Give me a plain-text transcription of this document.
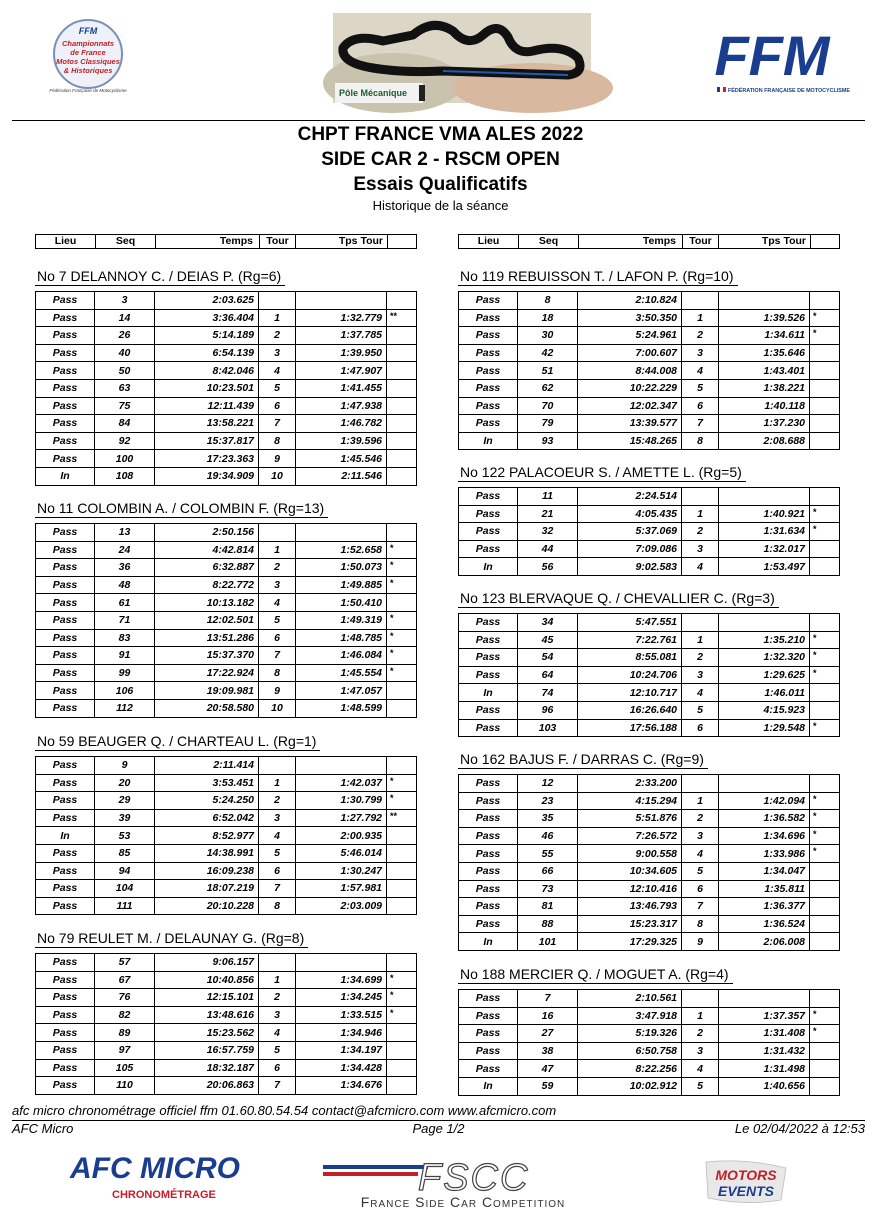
FFM
Championnats
de France
Motos Classiques
& Historiques
Fédération Française de Motocyclisme	Pôle Mécanique
FFM
FÉDÉRATION FRANÇAISE DE MOTOCYCLISME
CHPT FRANCE VMA ALES 2022
SIDE CAR 2 - RSCM OPEN
Essais Qualificatifs
Historique de la séance
Lieu	Seq	Temps	Tour	Tps Tour	Lieu	Seq	Temps	Tour	Tps Tour
No 7 DELANNOY C. / DEIAS P. (Rg=6)
Pass	3	2:03.625			
Pass	14	3:36.404	1	1:32.779	**
Pass	26	5:14.189	2	1:37.785	
Pass	40	6:54.139	3	1:39.950	
Pass	50	8:42.046	4	1:47.907	
Pass	63	10:23.501	5	1:41.455	
Pass	75	12:11.439	6	1:47.938	
Pass	84	13:58.221	7	1:46.782	
Pass	92	15:37.817	8	1:39.596	
Pass	100	17:23.363	9	1:45.546	
In	108	19:34.909	10	2:11.546	
No 11 COLOMBIN A. / COLOMBIN F. (Rg=13)
Pass	13	2:50.156			
Pass	24	4:42.814	1	1:52.658	*
Pass	36	6:32.887	2	1:50.073	*
Pass	48	8:22.772	3	1:49.885	*
Pass	61	10:13.182	4	1:50.410	
Pass	71	12:02.501	5	1:49.319	*
Pass	83	13:51.286	6	1:48.785	*
Pass	91	15:37.370	7	1:46.084	*
Pass	99	17:22.924	8	1:45.554	*
Pass	106	19:09.981	9	1:47.057	
Pass	112	20:58.580	10	1:48.599	
No 59 BEAUGER Q. / CHARTEAU L. (Rg=1)
Pass	9	2:11.414			
Pass	20	3:53.451	1	1:42.037	*
Pass	29	5:24.250	2	1:30.799	*
Pass	39	6:52.042	3	1:27.792	**
In	53	8:52.977	4	2:00.935	
Pass	85	14:38.991	5	5:46.014	
Pass	94	16:09.238	6	1:30.247	
Pass	104	18:07.219	7	1:57.981	
Pass	111	20:10.228	8	2:03.009	
No 79 REULET M. / DELAUNAY G. (Rg=8)
Pass	57	9:06.157			
Pass	67	10:40.856	1	1:34.699	*
Pass	76	12:15.101	2	1:34.245	*
Pass	82	13:48.616	3	1:33.515	*
Pass	89	15:23.562	4	1:34.946	
Pass	97	16:57.759	5	1:34.197	
Pass	105	18:32.187	6	1:34.428	
Pass	110	20:06.863	7	1:34.676	
No 119 REBUISSON T. / LAFON P. (Rg=10)
Pass	8	2:10.824			
Pass	18	3:50.350	1	1:39.526	*
Pass	30	5:24.961	2	1:34.611	*
Pass	42	7:00.607	3	1:35.646	
Pass	51	8:44.008	4	1:43.401	
Pass	62	10:22.229	5	1:38.221	
Pass	70	12:02.347	6	1:40.118	
Pass	79	13:39.577	7	1:37.230	
In	93	15:48.265	8	2:08.688	
No 122 PALACOEUR S. / AMETTE L. (Rg=5)
Pass	11	2:24.514			
Pass	21	4:05.435	1	1:40.921	*
Pass	32	5:37.069	2	1:31.634	*
Pass	44	7:09.086	3	1:32.017	
In	56	9:02.583	4	1:53.497	
No 123 BLERVAQUE Q. / CHEVALLIER C. (Rg=3)
Pass	34	5:47.551			
Pass	45	7:22.761	1	1:35.210	*
Pass	54	8:55.081	2	1:32.320	*
Pass	64	10:24.706	3	1:29.625	*
In	74	12:10.717	4	1:46.011	
Pass	96	16:26.640	5	4:15.923	
Pass	103	17:56.188	6	1:29.548	*
No 162 BAJUS F. / DARRAS C. (Rg=9)
Pass	12	2:33.200			
Pass	23	4:15.294	1	1:42.094	*
Pass	35	5:51.876	2	1:36.582	*
Pass	46	7:26.572	3	1:34.696	*
Pass	55	9:00.558	4	1:33.986	*
Pass	66	10:34.605	5	1:34.047	
Pass	73	12:10.416	6	1:35.811	
Pass	81	13:46.793	7	1:36.377	
Pass	88	15:23.317	8	1:36.524	
In	101	17:29.325	9	2:06.008	
No 188 MERCIER Q. / MOGUET A. (Rg=4)
Pass	7	2:10.561			
Pass	16	3:47.918	1	1:37.357	*
Pass	27	5:19.326	2	1:31.408	*
Pass	38	6:50.758	3	1:31.432	
Pass	47	8:22.256	4	1:31.498	
In	59	10:02.912	5	1:40.656	
afc micro chronométrage officiel ffm 01.60.80.54.54 contact@afcmicro.com www.afcmicro.com
AFC Micro	Page 1/2	Le 02/04/2022 à 12:53
AFC MICRO
CHRONOMÉTRAGE	FSCC
France Side Car Competition
MOTORS
EVENTS
